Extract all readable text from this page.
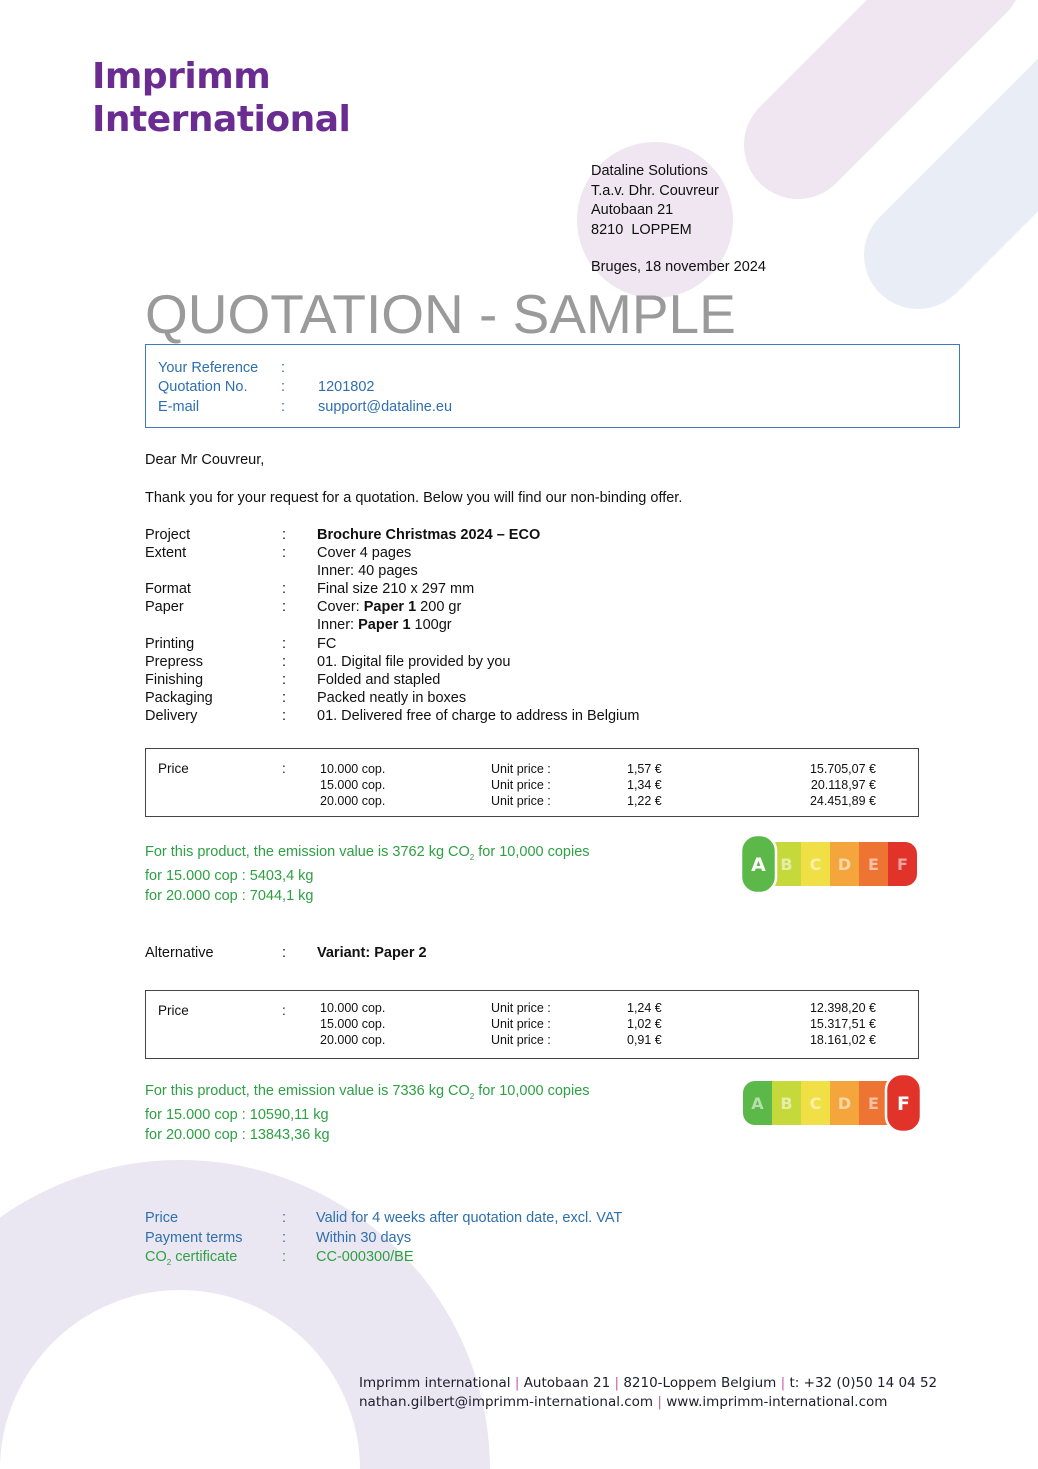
Imprimm
International
Dataline Solutions
T.a.v. Dhr. Couvreur
Autobaan 21
8210  LOPPEM
Bruges, 18 november 2024
QUOTATION - SAMPLE
Your Reference :
Quotation No. : 1201802
E-mail	: support@dataline.eu
Dear Mr Couvreur,
Thank you for your request for a quotation. Below you will find our non-binding offer.
Project	: Brochure Christmas 2024 – ECO
Extent	: Cover 4 pages
Inner: 40 pages
Format	: Final size 210 x 297 mm
Paper	: Cover: Paper 1 200 gr
Inner: Paper 1 100gr
Printing	: FC
Prepress	: 01. Digital file provided by you
Finishing	: Folded and stapled
Packaging	: Packed neatly in boxes
Delivery	: 01. Delivered free of charge to address in Belgium
Price	:	10.000 cop.	Unit price :	1,57 €	15.705,07 €
15.000 cop.	Unit price :	1,34 €	20.118,97 €
20.000 cop.	Unit price :	1,22 €	24.451,89 €
For this product, the emission value is 3762 kg $CO_2$ for 10,000 copies
for 15.000 cop : 5403,4 kg
for 20.000 cop : 7044,1 kg
B C D E F
A
Alternative	: Variant: Paper 2
Price	:	10.000 cop.	Unit price :	1,24 €	12.398,20 €
15.000 cop.	Unit price :	1,02 €	15.317,51 €
20.000 cop.	Unit price :	0,91 €	18.161,02 €
For this product, the emission value is 7336 kg $CO_2$ for 10,000 copies
for 15.000 cop : 10590,11 kg
for 20.000 cop : 13843,36 kg
A B C D E F
Price	: Valid for 4 weeks after quotation date, excl. VAT
Payment terms	: Within 30 days
$CO_2$ certificate	: CC-000300/BE
Imprimm international | Autobaan 21 | 8210-Loppem Belgium | t: +32 (0)50 14 04 52
nathan.gilbert@imprimm-international.com | www.imprimm-international.com
